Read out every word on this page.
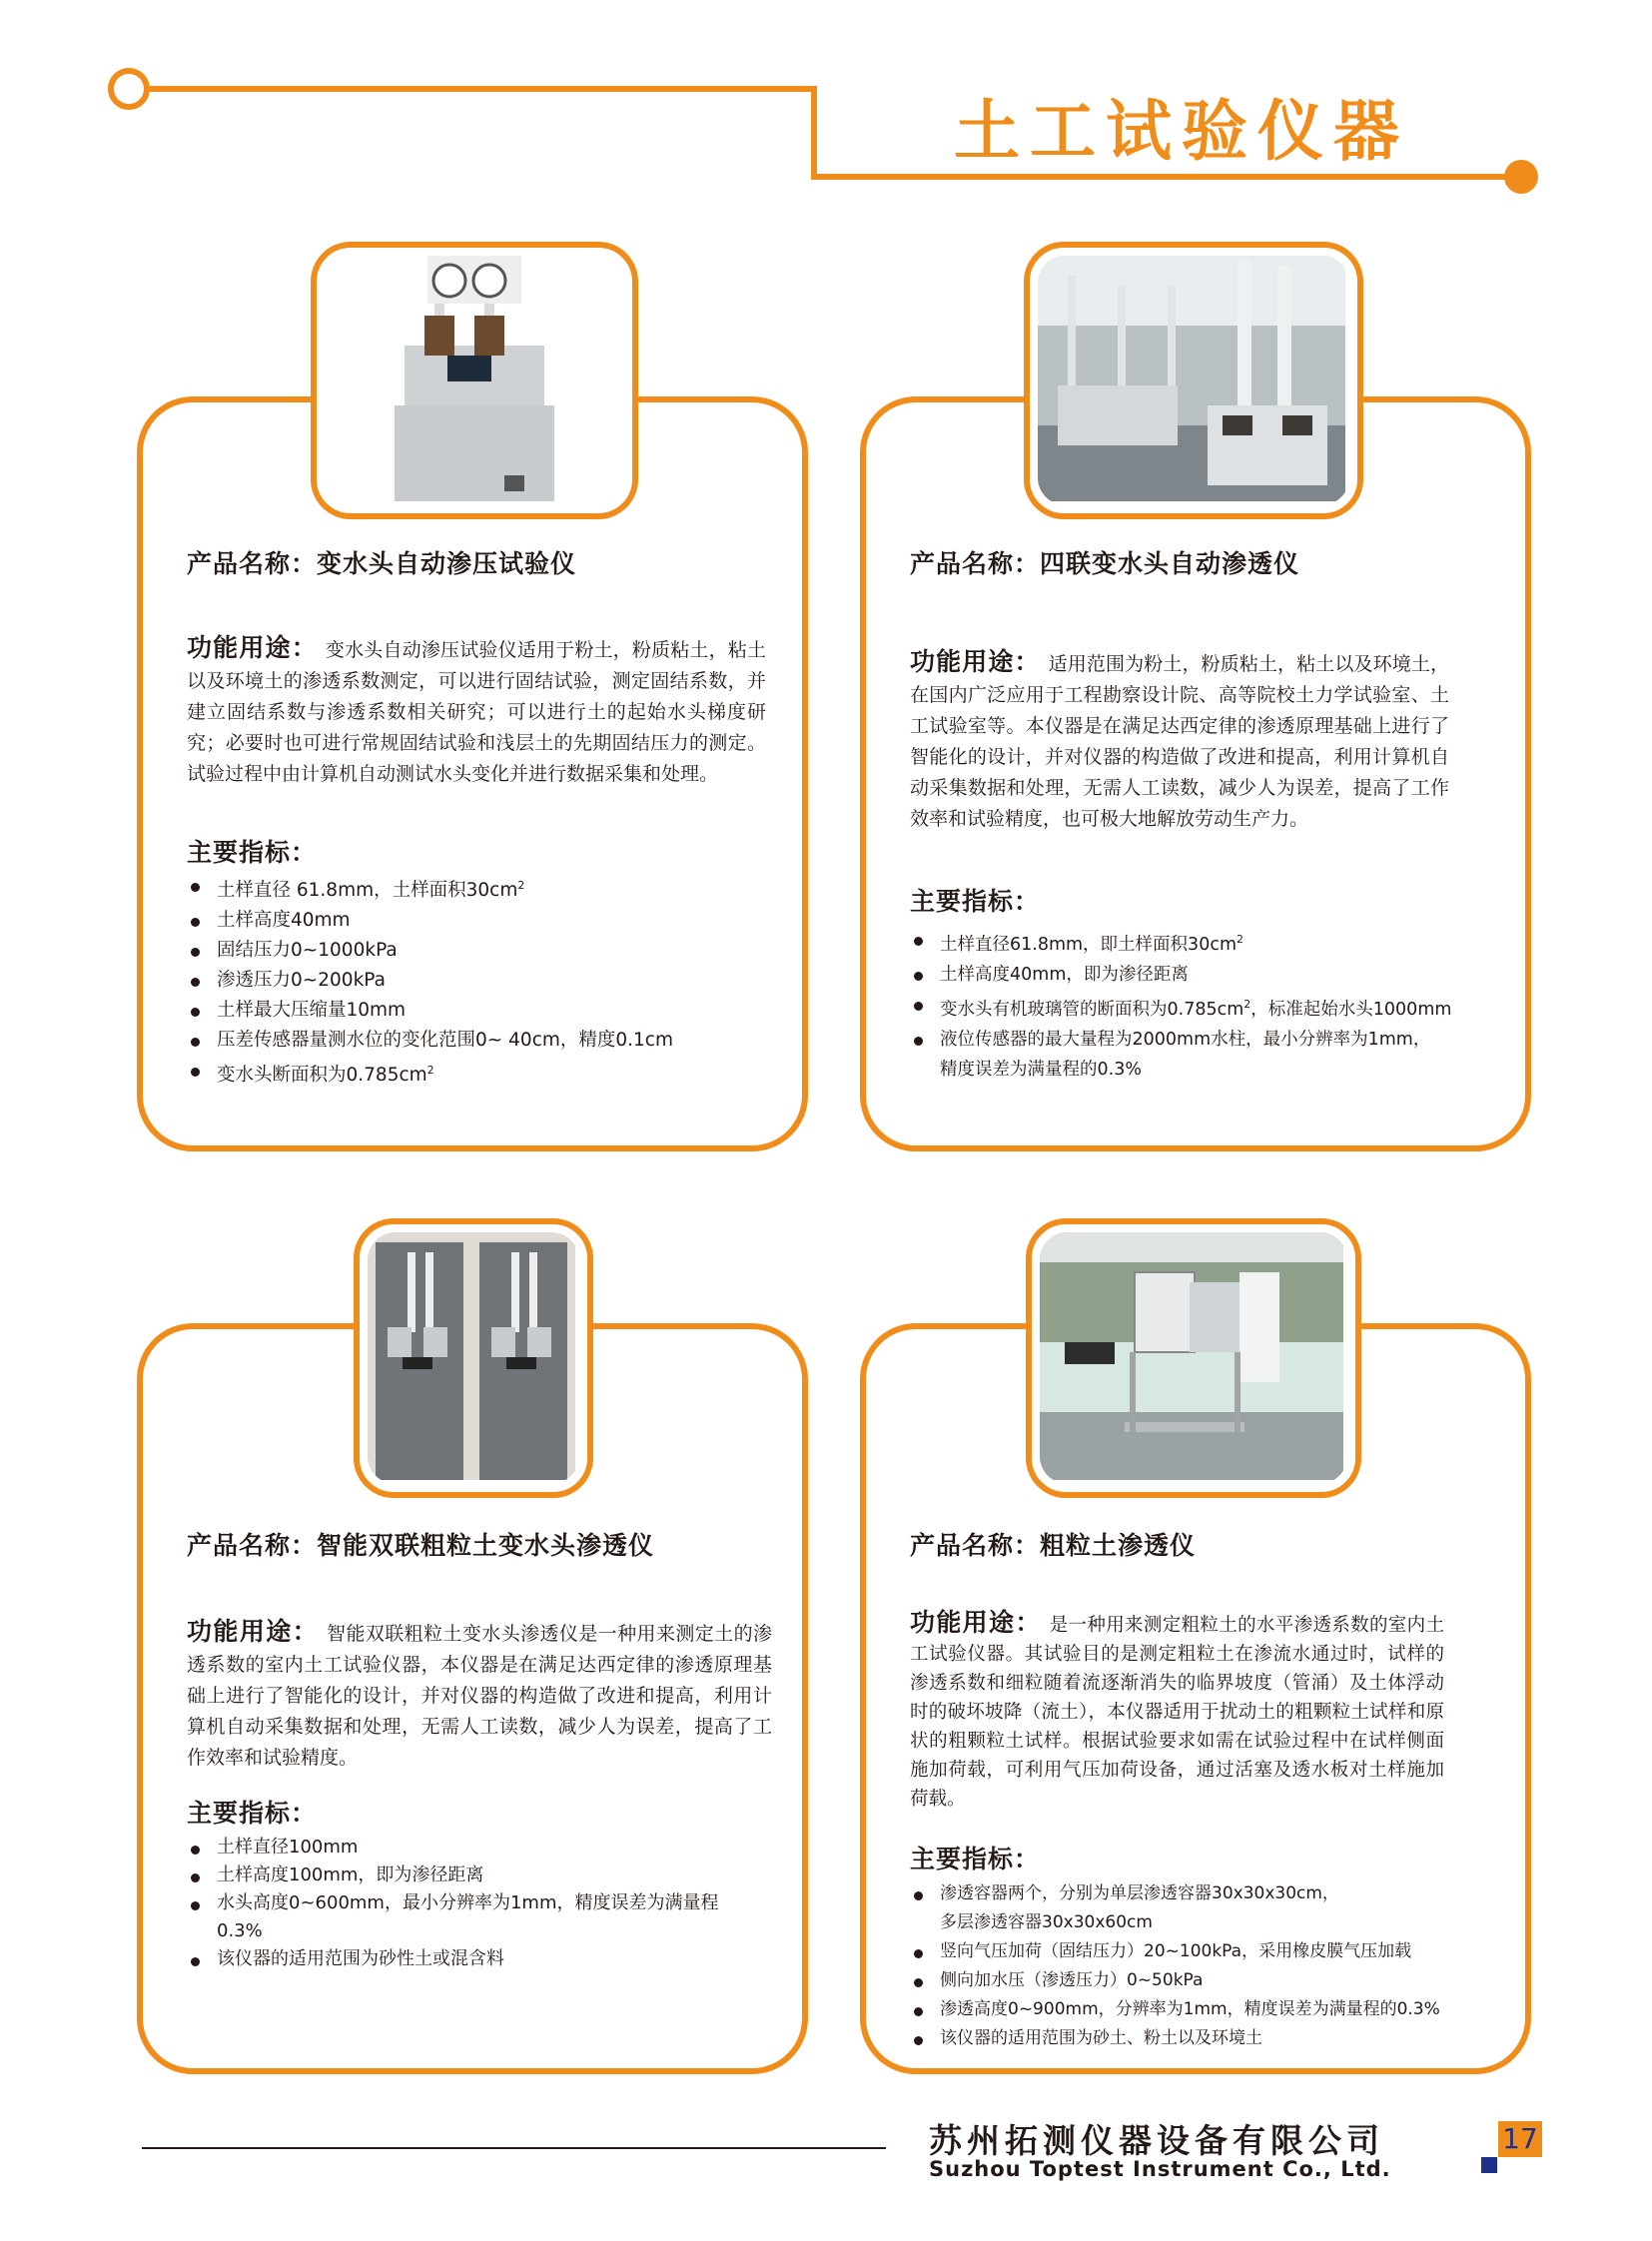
土工试验仪器
产品名称：变水头自动渗压试验仪
功能用途： 变水头自动渗压试验仪适用于粉土，粉质粘土，粘土以及环境土的渗透系数测定，可以进行固结试验，测定固结系数，并建立固结系数与渗透系数相关研究；可以进行土的起始水头梯度研究；必要时也可进行常规固结试验和浅层土的先期固结压力的测定。试验过程中由计算机自动测试水头变化并进行数据采集和处理。
主要指标：
土样直径 61.8mm，土样面积$30cm^2$
土样高度40mm
固结压力0~1000kPa
渗透压力0~200kPa
土样最大压缩量10mm
压差传感器量测水位的变化范围0~ 40cm，精度0.1cm
变水头断面积为$0.785cm^2$
产品名称：四联变水头自动渗透仪
功能用途： 适用范围为粉土，粉质粘土，粘土以及环境土，在国内广泛应用于工程勘察设计院、高等院校土力学试验室、土工试验室等。本仪器是在满足达西定律的渗透原理基础上进行了智能化的设计，并对仪器的构造做了改进和提高，利用计算机自动采集数据和处理，无需人工读数，减少人为误差，提高了工作效率和试验精度，也可极大地解放劳动生产力。
主要指标：
土样直径61.8mm，即土样面积$30cm^2$
土样高度40mm，即为渗径距离
变水头有机玻璃管的断面积为$0.785cm^2$，标准起始水头1000mm
液位传感器的最大量程为2000mm水柱，最小分辨率为1mm，
精度误差为满量程的0.3%
产品名称：智能双联粗粒土变水头渗透仪
功能用途： 智能双联粗粒土变水头渗透仪是一种用来测定土的渗透系数的室内土工试验仪器，本仪器是在满足达西定律的渗透原理基础上进行了智能化的设计，并对仪器的构造做了改进和提高，利用计算机自动采集数据和处理，无需人工读数，减少人为误差，提高了工作效率和试验精度。
主要指标：
土样直径100mm
土样高度100mm，即为渗径距离
水头高度0~600mm，最小分辨率为1mm，精度误差为满量程
0.3%
该仪器的适用范围为砂性土或混含料
产品名称：粗粒土渗透仪
功能用途： 是一种用来测定粗粒土的水平渗透系数的室内土工试验仪器。其试验目的是测定粗粒土在渗流水通过时，试样的渗透系数和细粒随着流逐渐消失的临界坡度（管涌）及土体浮动时的破坏坡降（流土），本仪器适用于扰动土的粗颗粒土试样和原状的粗颗粒土试样。根据试验要求如需在试验过程中在试样侧面施加荷载，可利用气压加荷设备，通过活塞及透水板对土样施加荷载。
主要指标：
渗透容器两个，分别为单层渗透容器30x30x30cm，
多层渗透容器30x30x60cm
竖向气压加荷（固结压力）20~100kPa，采用橡皮膜气压加载
侧向加水压（渗透压力）0~50kPa
渗透高度0~900mm，分辨率为1mm，精度误差为满量程的0.3%
该仪器的适用范围为砂土、粉土以及环境土
苏州拓测仪器设备有限公司
Suzhou Toptest Instrument Co., Ltd.
17
